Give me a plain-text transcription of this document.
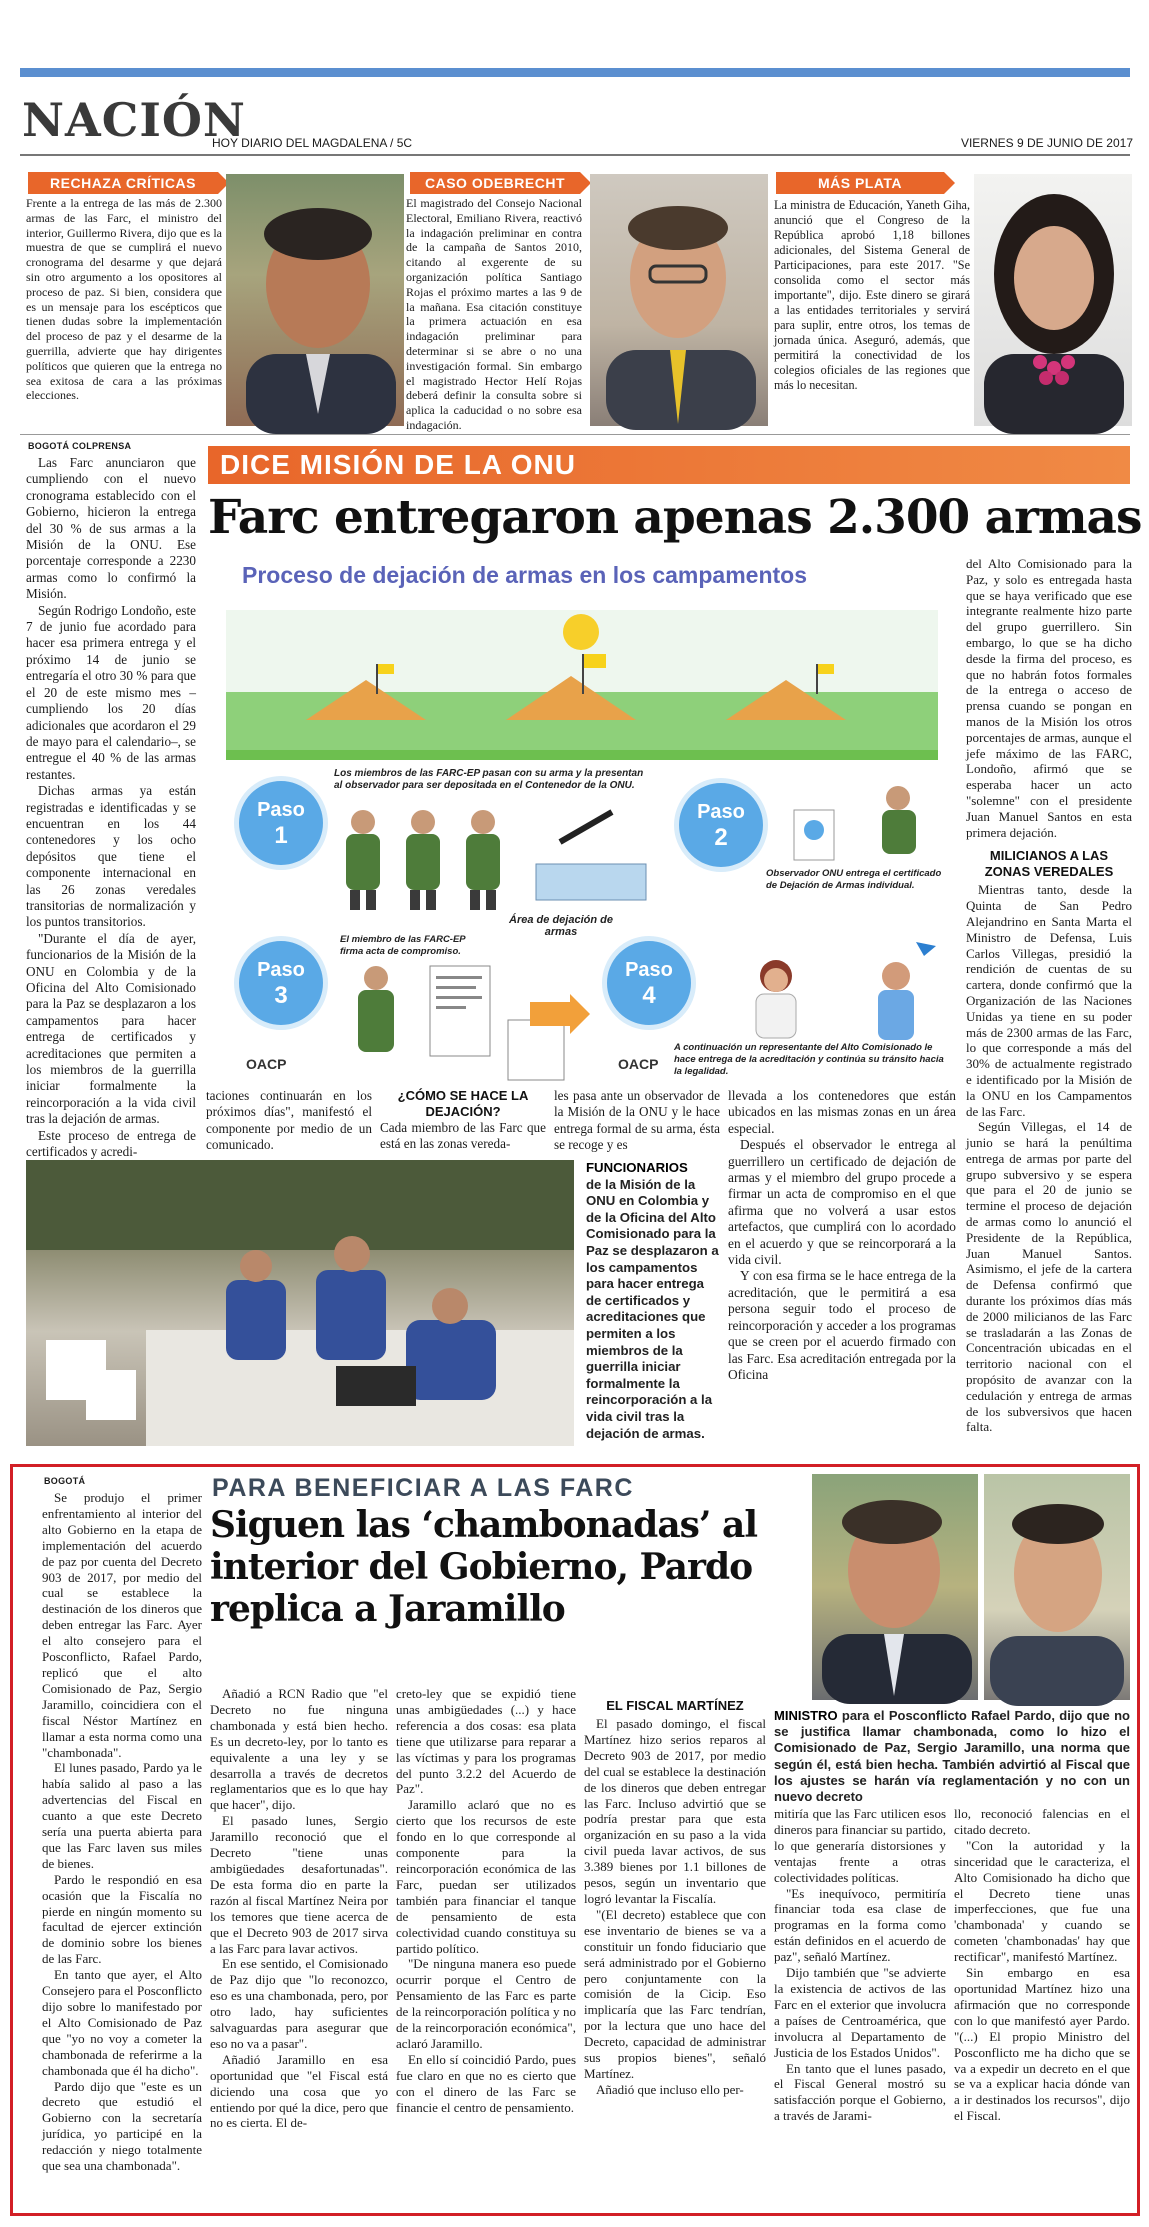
NACIÓN
HOY DIARIO DEL MAGDALENA / 5C	VIERNES 9 DE JUNIO DE 2017
RECHAZA CRÍTICAS

Frente a la entrega de las más de 2.300 armas de las Farc, el ministro del interior, Guillermo Rivera, dijo que es la muestra de que se cumplirá el nuevo cronograma del desarme y que dejará sin otro argumento a los opositores al proceso de paz. Si bien, considera que es un mensaje para los escépticos que tienen dudas sobre la implementación del proceso de paz y el desarme de la guerrilla, advierte que hay dirigentes políticos que quieren que la entrega no sea exitosa de cara a las próximas elecciones.

CASO ODEBRECHT

El magistrado del Consejo Nacional Electoral, Emiliano Rivera, reactivó la indagación preliminar en contra de la campaña de Santos 2010, citando al exgerente de su organización política Santiago Rojas el próximo martes a las 9 de la mañana. Esa citación constituye la primera actuación en esa indagación preliminar para determinar si se abre o no una investigación formal. Sin embargo el magistrado Hector Helí Rojas deberá definir la consulta sobre si aplica la caducidad o no sobre esa indagación.

MÁS PLATA

La ministra de Educación, Yaneth Giha, anunció que el Congreso de la República aprobó 1,18 billones adicionales, del Sistema General de Participaciones, para este 2017. "Se consolida como el sector más importante", dijo. Este dinero se girará a las entidades territoriales y servirá para suplir, entre otros, los temas de jornada única. Aseguró, además, que permitirá la conectividad de los colegios oficiales de las regiones que más lo necesitan.

BOGOTÁ COLPRENSA

Las Farc anunciaron que cumpliendo con el nuevo cronograma establecido con el Gobierno, hicieron la entrega del 30 % de sus armas a la Misión de la ONU. Ese porcentaje corresponde a 2230 armas como lo confirmó la Misión.

Según Rodrigo Londoño, este 7 de junio fue acordado para hacer esa primera entrega y el próximo 14 de junio se entregaría el otro 30 % para que el 20 de este mismo mes –cumpliendo los 20 días adicionales que acordaron el 29 de mayo para el calendario–, se entregue el 40 % de las armas restantes.

Dichas armas ya están registradas e identificadas y se encuentran en los 44 contenedores y los ocho depósitos que tiene el componente internacional en las 26 zonas veredales transitorias de normalización y los puntos transitorios.

"Durante el día de ayer, funcionarios de la Misión de la ONU en Colombia y de la Oficina del Alto Comisionado para la Paz se desplazaron a los campamentos para hacer entrega de certificados y acreditaciones que permiten a los miembros de la guerrilla iniciar formalmente la reincorporación a la vida civil tras la dejación de armas.

Este proceso de entrega de certificados y acredi-

DICE MISIÓN DE LA ONU
Farc entregaron apenas 2.300 armas
Proceso de dejación de armas en los campamentos
Paso
1
Paso
2
Paso
3
Paso
4
Los miembros de las FARC-EP pasan con su arma y la presentan al observador para ser depositada en el Contenedor de la ONU.
Área de dejación de armas
Observador ONU entrega el certificado de Dejación de Armas individual.
El miembro de las FARC-EP firma acta de compromiso.
OACP	OACP
A continuación un representante del Alto Comisionado le hace entrega de la acreditación y continúa su tránsito hacia la legalidad.

del Alto Comisionado para la Paz, y solo es entregada hasta que se haya verificado que ese integrante realmente hizo parte del grupo guerrillero. Sin embargo, lo que se ha dicho desde la firma del proceso, es que no habrán fotos formales de la entrega o acceso de prensa cuando se pongan en manos de la Misión los otros porcentajes de armas, aunque el jefe máximo de las FARC, Londoño, afirmó que se esperaba hacer un acto "solemne" con el presidente Juan Manuel Santos en esta primera dejación.

MILICIANOS A LAS ZONAS VEREDALES

Mientras tanto, desde la Quinta de San Pedro Alejandrino en Santa Marta el Ministro de Defensa, Luis Carlos Villegas, presidió la rendición de cuentas de su cartera, donde confirmó que la Organización de las Naciones Unidas ya tiene en su poder más de 2300 armas de las Farc, lo que corresponde a más del 30% de actualmente registrado e identificado por la Misión de la ONU en los Campamentos de las Farc.

Según Villegas, el 14 de junio se hará la penúltima entrega de armas por parte del grupo subversivo y se espera que para el 20 de junio se termine el proceso de dejación de armas como lo anunció el Presidente de la República, Juan Manuel Santos. Asimismo, el jefe de la cartera de Defensa confirmó que durante los próximos días más de 2000 milicianos de las Farc se trasladarán a las Zonas de Concentración ubicadas en el territorio nacional con el propósito de avanzar con la cedulación y entrega de armas de los subversivos que hacen falta.

taciones continuarán en los próximos días", manifestó el componente por medio de un comunicado.

¿CÓMO SE HACE LA DEJACIÓN?
Cada miembro de las Farc que está en las zonas vereda-

les pasa ante un observador de la Misión de la ONU y le hace entrega formal de su arma, ésta se recoge y es

llevada a los contenedores que están ubicados en las mismas zonas en un área especial.

Después el observador le entrega al guerrillero un certificado de dejación de armas y el miembro del grupo procede a firmar un acta de compromiso en el que afirma que no volverá a usar estos artefactos, que cumplirá con lo acordado en el acuerdo y que se reincorporará a la vida civil.

Y con esa firma se le hace entrega de la acreditación, que le permitirá a esa persona seguir todo el proceso de reincorporación y acceder a los programas que se creen por el acuerdo firmado con las Farc. Esa acreditación entregada por la Oficina

FUNCIONARIOS
de la Misión de la ONU en Colombia y de la Oficina del Alto Comisionado para la Paz se desplazaron a los campamentos para hacer entrega de certificados y acreditaciones que permiten a los miembros de la guerrilla iniciar formalmente la reincorporación a la vida civil tras la dejación de armas.
BOGOTÁ

Se produjo el primer enfrentamiento al interior del alto Gobierno en la etapa de implementación del acuerdo de paz por cuenta del Decreto 903 de 2017, por medio del cual se establece la destinación de los dineros que deben entregar las Farc. Ayer el alto consejero para el Posconflicto, Rafael Pardo, replicó que el alto Comisionado de Paz, Sergio Jaramillo, coincidiera con el fiscal Néstor Martínez en llamar a esta norma como una "chambonada".

El lunes pasado, Pardo ya le había salido al paso a las advertencias del Fiscal en cuanto a que este Decreto sería una puerta abierta para que las Farc laven sus miles de bienes.

Pardo le respondió en esa ocasión que la Fiscalía no pierde en ningún momento su facultad de ejercer extinción de dominio sobre los bienes de las Farc.

En tanto que ayer, el Alto Consejero para el Posconflicto dijo sobre lo manifestado por el Alto Comisionado de Paz que "yo no voy a cometer la chambonada de referirme a la chambonada que él ha dicho".

Pardo dijo que "este es un decreto que estudió el Gobierno con la secretaría jurídica, yo participé en la redacción y niego totalmente que sea una chambonada".

PARA BENEFICIAR A LAS FARC
Siguen las ‘chambonadas’ al interior del Gobierno, Pardo replica a Jaramillo

Añadió a RCN Radio que "el Decreto no fue ninguna chambonada y está bien hecho. Es un decreto-ley, por lo tanto es equivalente a una ley y se desarrolla a través de decretos reglamentarios que es lo que hay que hacer", dijo.

El pasado lunes, Sergio Jaramillo reconoció que el Decreto "tiene unas ambigüedades desafortunadas". De esta forma dio en parte la razón al fiscal Martínez Neira por los temores que tiene acerca de que el Decreto 903 de 2017 sirva a las Farc para lavar activos.

En ese sentido, el Comisionado de Paz dijo que "lo reconozco, eso es una chambonada, pero, por otro lado, hay suficientes salvaguardas para asegurar que eso no va a pasar".

Añadió Jaramillo en esa oportunidad que "el Fiscal está diciendo una cosa que yo entiendo por qué la dice, pero que no es cierta. El de-

creto-ley que se expidió tiene unas ambigüedades (...) y hace referencia a dos cosas: esa plata tiene que utilizarse para reparar a las víctimas y para los programas del punto 3.2.2 del Acuerdo de Paz".

Jaramillo aclaró que no es cierto que los recursos de este fondo en lo que corresponde al componente para la reincorporación económica de las Farc, puedan ser utilizados también para financiar el tanque de pensamiento de esta colectividad cuando constituya su partido político.

"De ninguna manera eso puede ocurrir porque el Centro de Pensamiento de las Farc es parte de la reincorporación política y no de la reincorporación económica", aclaró Jaramillo.

En ello sí coincidió Pardo, pues fue claro en que no es cierto que con el dinero de las Farc se financie el centro de pensamiento.

EL FISCAL MARTÍNEZ

El pasado domingo, el fiscal Martínez hizo serios reparos al Decreto 903 de 2017, por medio del cual se establece la destinación de los dineros que deben entregar las Farc. Incluso advirtió que se podría prestar para que esta organización en su paso a la vida civil pueda lavar activos, de sus 3.389 bienes por 1.1 billones de pesos, según un inventario que logró levantar la Fiscalía.

"(El decreto) establece que con ese inventario de bienes se va a constituir un fondo fiduciario que será administrado por el Gobierno pero conjuntamente con la comisión de la Cicip. Eso implicaría que las Farc tendrían, por la lectura que uno hace del Decreto, capacidad de administrar sus propios bienes", señaló Martínez.

Añadió que incluso ello per-

MINISTRO para el Posconflicto Rafael Pardo, dijo que no se justifica llamar chambonada, como lo hizo el Comisionado de Paz, Sergio Jaramillo, una norma que según él, está bien hecha. También advirtió al Fiscal que los ajustes se harán vía reglamentación y no con un nuevo decreto

mitiría que las Farc utilicen esos dineros para financiar su partido, lo que generaría distorsiones y ventajas frente a otras colectividades políticas.

"Es inequívoco, permitiría financiar toda esa clase de programas en la forma como están definidos en el acuerdo de paz", señaló Martínez.

Dijo también que "se advierte la existencia de activos de las Farc en el exterior que involucra a países de Centroamérica, que involucra al Departamento de Justicia de los Estados Unidos".

En tanto que el lunes pasado, el Fiscal General mostró su satisfacción porque el Gobierno, a través de Jarami-

llo, reconoció falencias en el citado decreto.

"Con la autoridad y la sinceridad que le caracteriza, el Alto Comisionado ha dicho que el Decreto tiene unas imperfecciones, que fue una 'chambonada' y cuando se cometen 'chambonadas' hay que rectificar", manifestó Martínez.

Sin embargo en esa oportunidad Martínez hizo una afirmación que no corresponde con lo que manifestó ayer Pardo. "(...) El propio Ministro del Posconflicto me ha dicho que se va a expedir un decreto en el que se va a explicar hacia dónde van a ir destinados los recursos", dijo el Fiscal.
